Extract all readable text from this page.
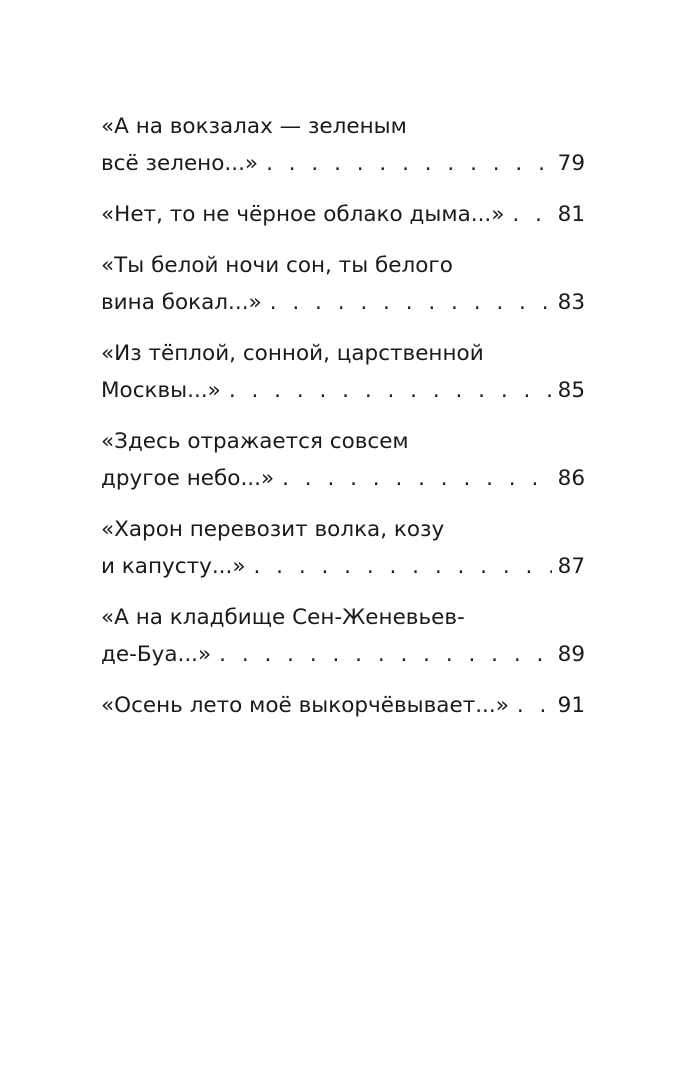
«А на вокзалах — зеленым
всё зелено...» . . .	79
«Нет, то не чёрное облако дыма...» . . . 81
«Ты белой ночи сон, ты белого
вина бокал...» . . .	83
«Из тёплой, сонной, царственной
Москвы...» . . .	85
«Здесь отражается совсем
другое небо...» . . .	86
«Харон перевозит волка, козу
и капусту...» . . .	87
«А на кладбище Сен-Женевьев-
де-Буа...» . . .	89
«Осень лето моё выкорчёвывает...» . . . 91
